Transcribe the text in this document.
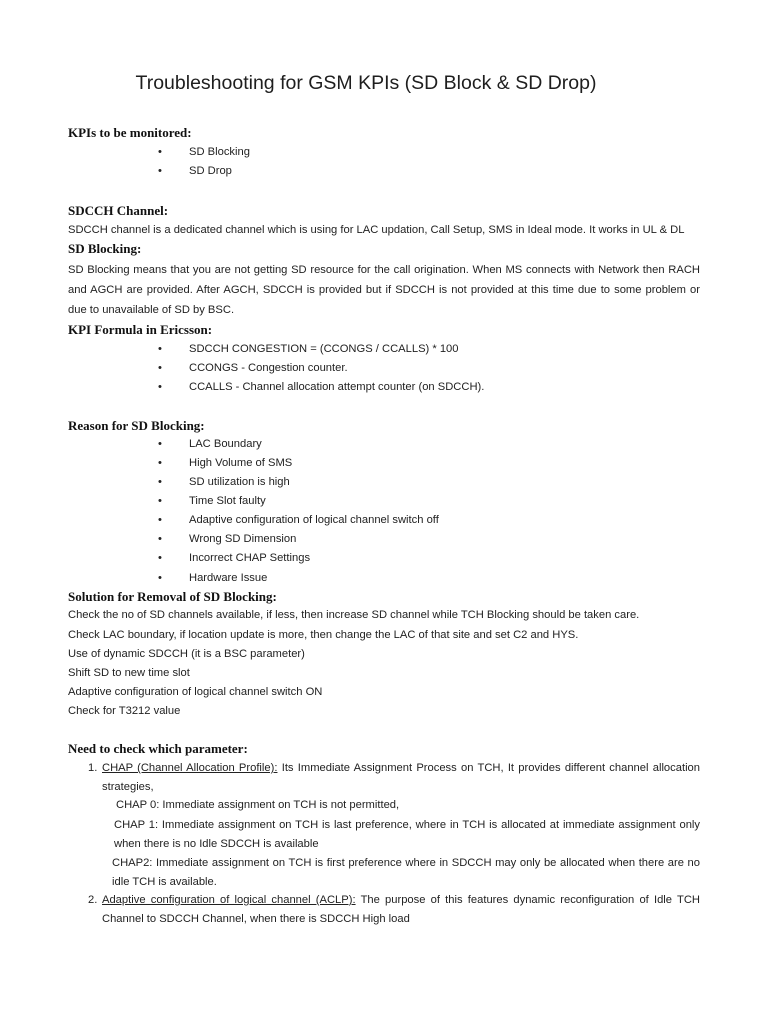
Troubleshooting for GSM KPIs (SD Block & SD Drop)
KPIs to be monitored:
• SD Blocking
• SD Drop
SDCCH Channel:
SDCCH channel is a dedicated channel which is using for LAC updation, Call Setup, SMS in Ideal mode. It works in UL & DL
SD Blocking:
SD Blocking means that you are not getting SD resource for the call origination. When MS connects with Network then RACH and AGCH are provided. After AGCH, SDCCH is provided but if SDCCH is not provided at this time due to some problem or due to unavailable of SD by BSC.
KPI Formula in Ericsson:
• SDCCH CONGESTION = (CCONGS / CCALLS) * 100
• CCONGS - Congestion counter.
• CCALLS - Channel allocation attempt counter (on SDCCH).
Reason for SD Blocking:
• LAC Boundary
• High Volume of SMS
• SD utilization is high
• Time Slot faulty
• Adaptive configuration of logical channel switch off
• Wrong SD Dimension
• Incorrect CHAP Settings
• Hardware Issue
Solution for Removal of SD Blocking:
Check the no of SD channels available, if less, then increase SD channel while TCH Blocking should be taken care.
Check LAC boundary, if location update is more, then change the LAC of that site and set C2 and HYS.
Use of dynamic SDCCH (it is a BSC parameter)
Shift SD to new time slot
Adaptive configuration of logical channel switch ON
Check for T3212 value
Need to check which parameter:
1. CHAP (Channel Allocation Profile): Its Immediate Assignment Process on TCH, It provides different channel allocation strategies,
CHAP 0: Immediate assignment on TCH is not permitted,
CHAP 1: Immediate assignment on TCH is last preference, where in TCH is allocated at immediate assignment only when there is no Idle SDCCH is available
CHAP2: Immediate assignment on TCH is first preference where in SDCCH may only be allocated when there are no idle TCH is available.
2. Adaptive configuration of logical channel (ACLP): The purpose of this features dynamic reconfiguration of Idle TCH Channel to SDCCH Channel, when there is SDCCH High load
